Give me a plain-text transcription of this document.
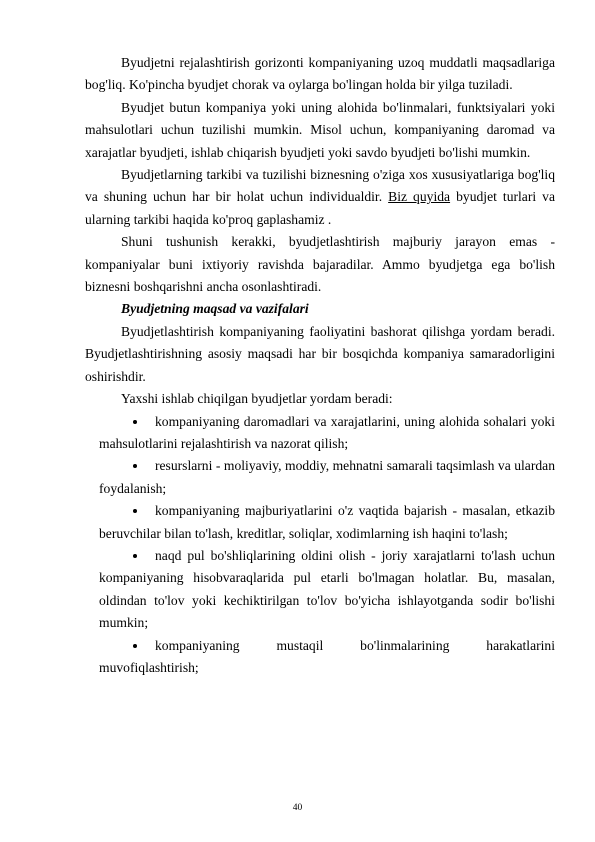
Byudjetni rejalashtirish gorizonti kompaniyaning uzoq muddatli maqsadlariga bog'liq. Ko'pincha byudjet chorak va oylarga bo'lingan holda bir yilga tuziladi.

Byudjet butun kompaniya yoki uning alohida bo'linmalari, funktsiyalari yoki mahsulotlari uchun tuzilishi mumkin. Misol uchun, kompaniyaning daromad va xarajatlar byudjeti, ishlab chiqarish byudjeti yoki savdo byudjeti bo'lishi mumkin.

Byudjetlarning tarkibi va tuzilishi biznesning o'ziga xos xususiyatlariga bog'liq va shuning uchun har bir holat uchun individualdir. Biz quyida byudjet turlari va ularning tarkibi haqida ko'proq gaplashamiz .

Shuni tushunish kerakki, byudjetlashtirish majburiy jarayon emas - kompaniyalar buni ixtiyoriy ravishda bajaradilar. Ammo byudjetga ega bo'lish biznesni boshqarishni ancha osonlashtiradi.

Byudjetning maqsad va vazifalari

Byudjetlashtirish kompaniyaning faoliyatini bashorat qilishga yordam beradi. Byudjetlashtirishning asosiy maqsadi har bir bosqichda kompaniya samaradorligini oshirishdir.

Yaxshi ishlab chiqilgan byudjetlar yordam beradi:

kompaniyaning daromadlari va xarajatlarini, uning alohida sohalari yoki mahsulotlarini rejalashtirish va nazorat qilish;
resurslarni - moliyaviy, moddiy, mehnatni samarali taqsimlash va ulardan foydalanish;
kompaniyaning majburiyatlarini o'z vaqtida bajarish - masalan, etkazib beruvchilar bilan to'lash, kreditlar, soliqlar, xodimlarning ish haqini to'lash;
naqd pul bo'shliqlarining oldini olish - joriy xarajatlarni to'lash uchun kompaniyaning hisobvaraqlarida pul etarli bo'lmagan holatlar. Bu, masalan, oldindan to'lov yoki kechiktirilgan to'lov bo'yicha ishlayotganda sodir bo'lishi mumkin;
kompaniyaning mustaqil bo'linmalarining harakatlarini muvofiqlashtirish;
40
